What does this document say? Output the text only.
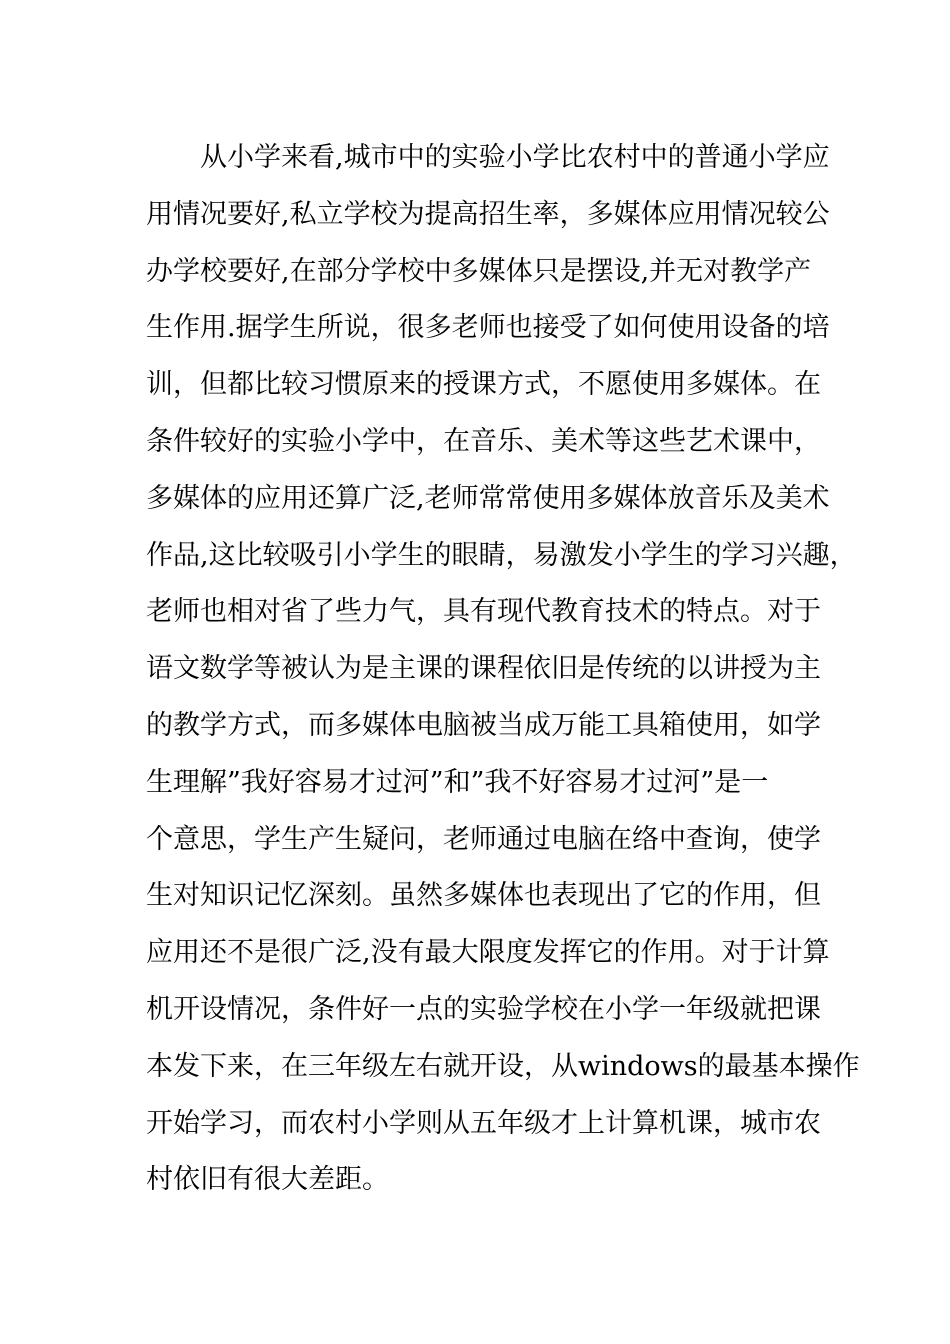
　　从小学来看,城市中的实验小学比农村中的普通小学应
用情况要好,私立学校为提高招生率，多媒体应用情况较公
办学校要好,在部分学校中多媒体只是摆设,并无对教学产
生作用.据学生所说，很多老师也接受了如何使用设备的培
训，但都比较习惯原来的授课方式，不愿使用多媒体。在
条件较好的实验小学中，在音乐、美术等这些艺术课中，
多媒体的应用还算广泛,老师常常使用多媒体放音乐及美术
作品,这比较吸引小学生的眼睛，易激发小学生的学习兴趣，
老师也相对省了些力气，具有现代教育技术的特点。对于
语文数学等被认为是主课的课程依旧是传统的以讲授为主
的教学方式，而多媒体电脑被当成万能工具箱使用，如学
生理解”我好容易才过河”和”我不好容易才过河”是一
个意思，学生产生疑问，老师通过电脑在络中查询，使学
生对知识记忆深刻。虽然多媒体也表现出了它的作用，但
应用还不是很广泛,没有最大限度发挥它的作用。对于计算
机开设情况，条件好一点的实验学校在小学一年级就把课
本发下来，在三年级左右就开设，从windows的最基本操作
开始学习，而农村小学则从五年级才上计算机课，城市农
村依旧有很大差距。
